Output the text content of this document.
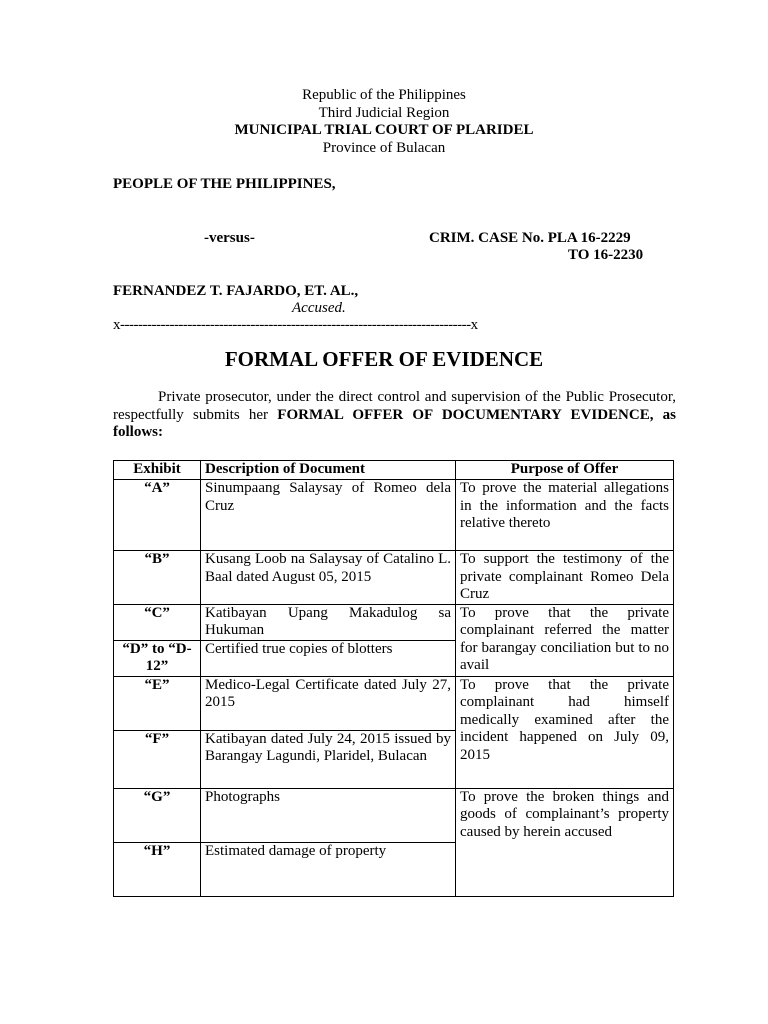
Republic of the Philippines
Third Judicial Region
MUNICIPAL TRIAL COURT OF PLARIDEL
Province of Bulacan
PEOPLE OF THE PHILIPPINES,
-versus-	CRIM. CASE No. PLA 16-2229
TO 16-2230
FERNANDEZ T. FAJARDO, ET. AL.,
Accused.
x------------------------------------------------------------------------------x
FORMAL OFFER OF EVIDENCE
Private prosecutor, under the direct control and supervision of the Public Prosecutor, respectfully submits her FORMAL OFFER OF DOCUMENTARY EVIDENCE, as follows:
Exhibit	Description of Document	Purpose of Offer
“A”	Sinumpaang Salaysay of Romeo dela Cruz	To prove the material allegations in the information and the facts relative thereto
“B”	Kusang Loob na Salaysay of Catalino L. Baal dated August 05, 2015	To support the testimony of the private complainant Romeo Dela Cruz
“C”	Katibayan Upang Makadulog sa Hukuman	To prove that the private complainant referred the matter for barangay conciliation but to no avail
“D” to “D-12”	Certified true copies of blotters	
“E”	Medico-Legal Certificate dated July 27, 2015	To prove that the private complainant had himself medically examined after the incident happened on July 09, 2015
“F”	Katibayan dated July 24, 2015 issued by Barangay Lagundi, Plaridel, Bulacan	
“G”	Photographs	To prove the broken things and goods of complainant’s property caused by herein accused
“H”	Estimated damage of property	
